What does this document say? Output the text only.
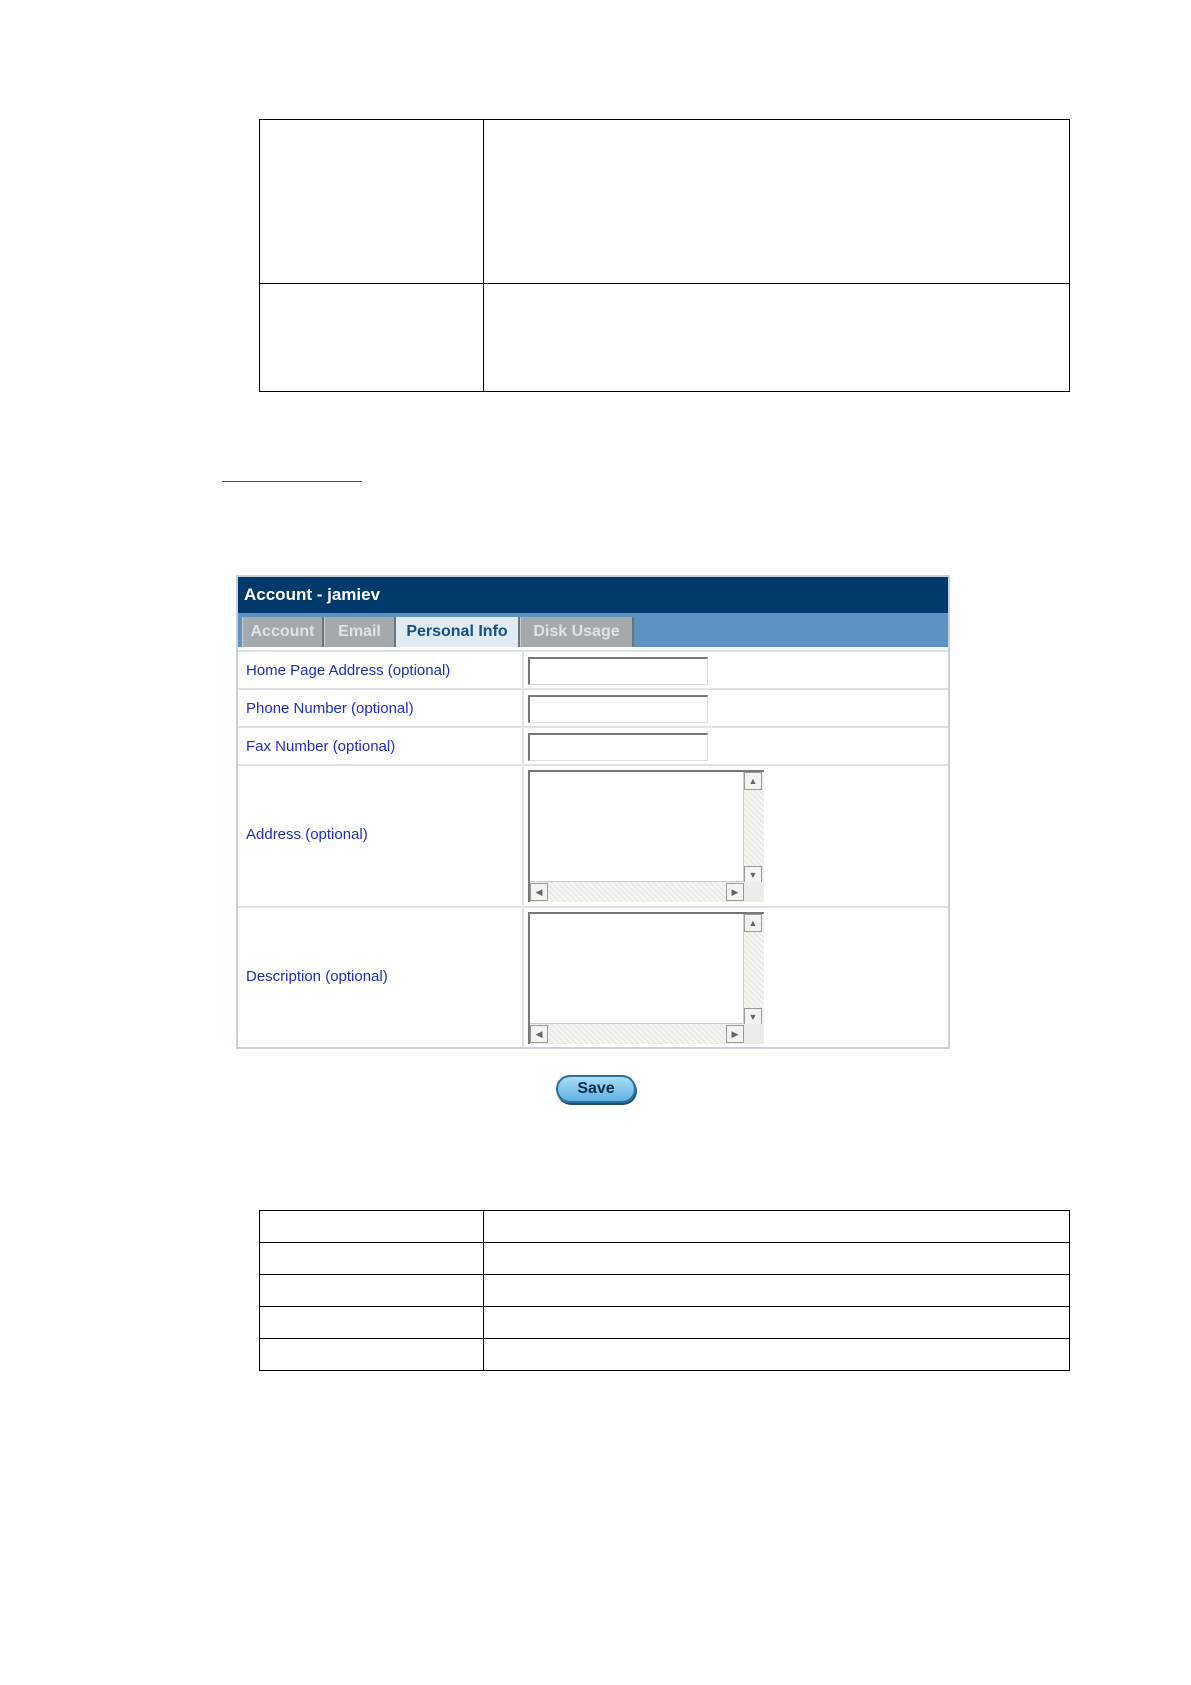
Account - jamiev
Account	Email	Personal Info	Disk Usage
Home Page Address (optional)
Phone Number (optional)
Fax Number (optional)
Address (optional)
▲
▼
◀	▶
Description (optional)
▲
▼
◀	▶
Save
